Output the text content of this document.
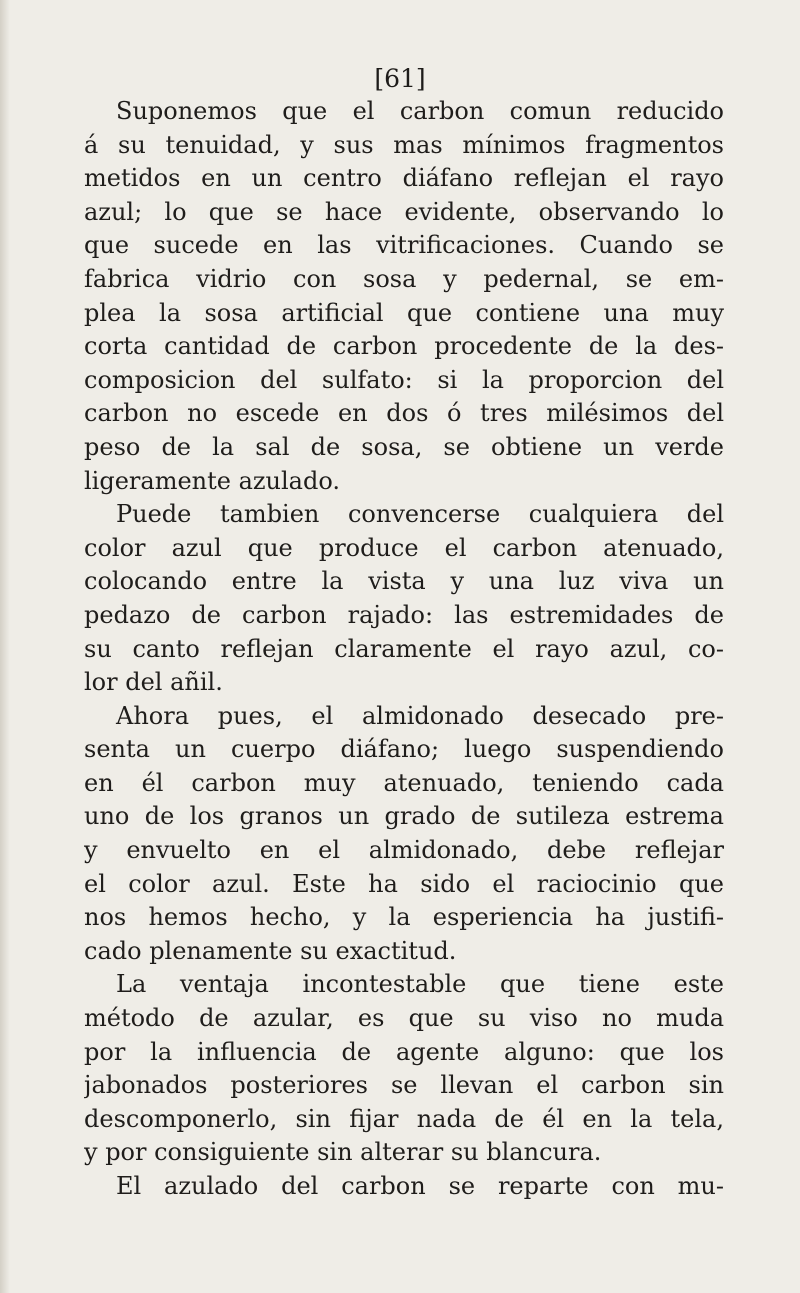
[61]
Suponemos que el carbon comun reducido
á su tenuidad, y sus mas mínimos fragmentos
metidos en un centro diáfano reflejan el rayo
azul; lo que se hace evidente, observando lo
que sucede en las vitrificaciones. Cuando se
fabrica vidrio con sosa y pedernal, se em-
plea la sosa artificial que contiene una muy
corta cantidad de carbon procedente de la des-
composicion del sulfato: si la proporcion del
carbon no escede en dos ó tres milésimos del
peso de la sal de sosa, se obtiene un verde
ligeramente azulado.
Puede tambien convencerse cualquiera del
color azul que produce el carbon atenuado,
colocando entre la vista y una luz viva un
pedazo de carbon rajado: las estremidades de
su canto reflejan claramente el rayo azul, co-
lor del añil.
Ahora pues, el almidonado desecado pre-
senta un cuerpo diáfano; luego suspendiendo
en él carbon muy atenuado, teniendo cada
uno de los granos un grado de sutileza estrema
y envuelto en el almidonado, debe reflejar
el color azul. Este ha sido el raciocinio que
nos hemos hecho, y la esperiencia ha justifi-
cado plenamente su exactitud.
La ventaja incontestable que tiene este
método de azular, es que su viso no muda
por la influencia de agente alguno: que los
jabonados posteriores se llevan el carbon sin
descomponerlo, sin fijar nada de él en la tela,
y por consiguiente sin alterar su blancura.
El azulado del carbon se reparte con mu-
